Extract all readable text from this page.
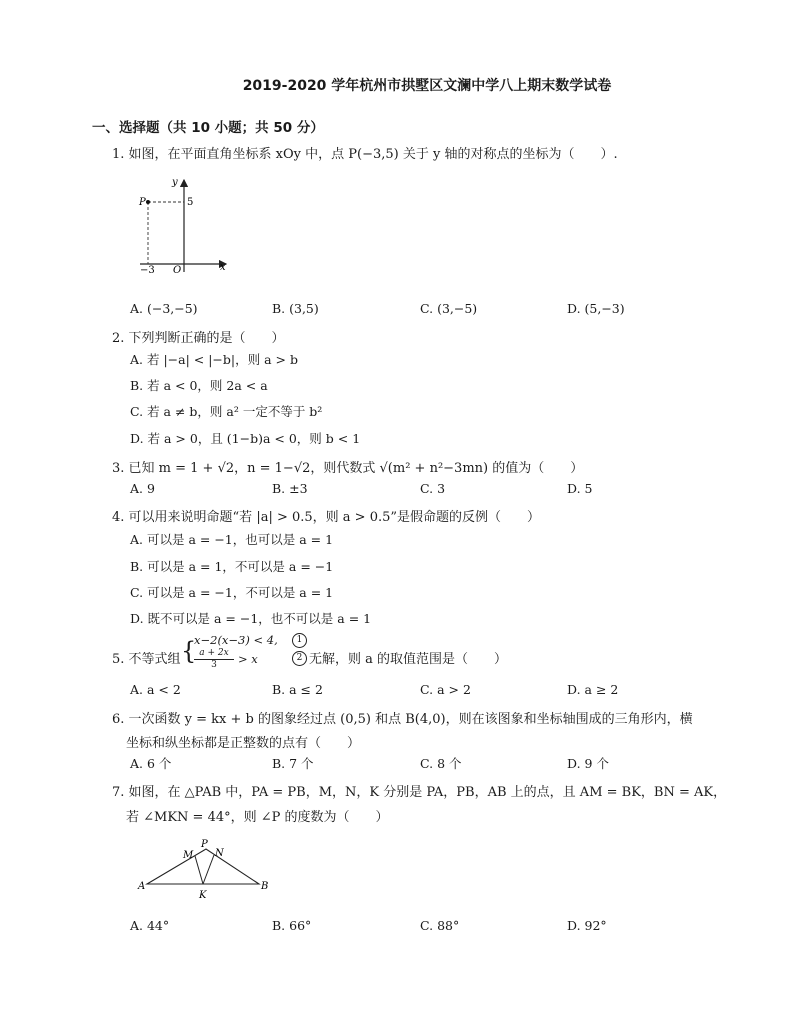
2019-2020 学年杭州市拱墅区文澜中学八上期末数学试卷
一、选择题（共 10 小题；共 50 分）
1. 如图，在平面直角坐标系 xOy 中，点 P(−3,5) 关于 y 轴的对称点的坐标为（　　）.
P	5
−3 O	x
y
A. (−3,−5)	B. (3,5)	C. (3,−5)	D. (5,−3)
2. 下列判断正确的是（　　）
A. 若 |−a| < |−b|，则 a > b
B. 若 a < 0，则 2a < a
C. 若 a ≠ b，则 a² 一定不等于 b²
D. 若 a > 0，且 (1−b)a < 0，则 b < 1
3. 已知 m = 1 + √2，n = 1−√2，则代数式 √(m² + n²−3mn) 的值为（　　）
A. 9	B. ±3	C. 3	D. 5
4. 可以用来说明命题“若 |a| > 0.5，则 a > 0.5”是假命题的反例（　　）
A. 可以是 a = −1，也可以是 a = 1
B. 可以是 a = 1，不可以是 a = −1
C. 可以是 a = −1，不可以是 a = 1
D. 既不可以是 a = −1，也不可以是 a = 1
5. 不等式组 {
x−2(x−3) < 4,
a + 2x
3	> x
1
2 无解，则 a 的取值范围是（　　）
A. a < 2	B. a ≤ 2	C. a > 2	D. a ≥ 2
6. 一次函数 y = kx + b 的图象经过点 (0,5) 和点 B(4,0)，则在该图象和坐标轴围成的三角形内，横
坐标和纵坐标都是正整数的点有（　　）
A. 6 个	B. 7 个	C. 8 个	D. 9 个
7. 如图，在 △PAB 中，PA = PB，M，N，K 分别是 PA，PB，AB 上的点，且 AM = BK，BN = AK，
若 ∠MKN = 44°，则 ∠P 的度数为（　　）
P
M N
A	B
K
A. 44°	B. 66°	C. 88°	D. 92°
